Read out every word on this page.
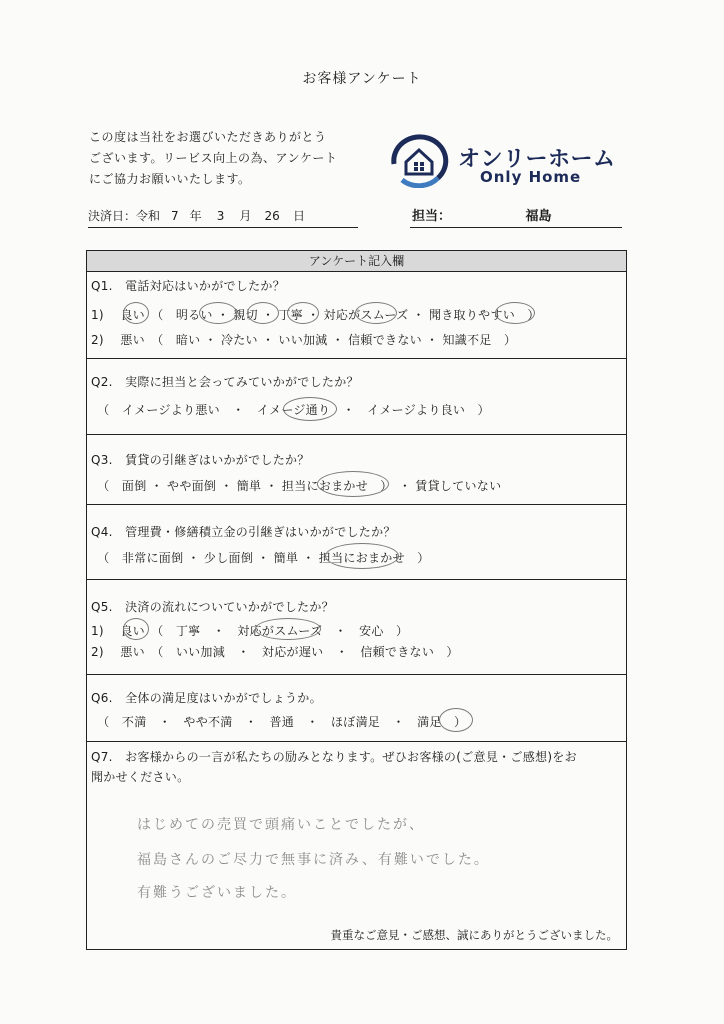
お客様アンケート
この度は当社をお選びいただきありがとう
ございます。リービス向上の為、アンケート
にご協力お願いいたします。
オンリーホーム
Only Home
決済日：令和 7 年 3 月 26 日	担当：	福島
アンケート記入欄
Q1.　電話対応はいかがでしたか？
1)　 良い　（　明るい ・ 親切 ・ 丁寧 ・ 対応がスムーズ ・ 聞き取りやすい　）
2)　 悪い　（　暗い ・ 冷たい ・ いい加減 ・ 信頼できない ・ 知識不足　）
Q2.　実際に担当と会ってみていかがでしたか？
　（　イメージより悪い　・　イメージ通り　・　イメージより良い　）
Q3.　賃貸の引継ぎはいかがでしたか？
　（　面倒 ・ やや面倒 ・ 簡単 ・ 担当におまかせ　）　・ 賃貸していない
Q4.　管理費・修繕積立金の引継ぎはいかがでしたか？
　（　非常に面倒 ・ 少し面倒 ・ 簡単 ・ 担当におまかせ　）
Q5.　決済の流れについていかがでしたか？
1)　 良い　（　丁寧　・　対応がスムーズ　・　安心　）
2)　 悪い　（　いい加減　・　対応が遅い　・　信頼できない　）
Q6.　全体の満足度はいかがでしょうか。
　（　不満　・　やや不満　・　普通　・　ほぼ満足　・　満足　）
Q7.　お客様からの一言が私たちの励みとなります。ぜひお客様の(ご意見・ご感想)をお
聞かせください。
はじめての売買で頭痛いことでしたが、
福島さんのご尽力で無事に済み、有難いでした。
有難うございました。
貴重なご意見・ご感想、誠にありがとうございました。
